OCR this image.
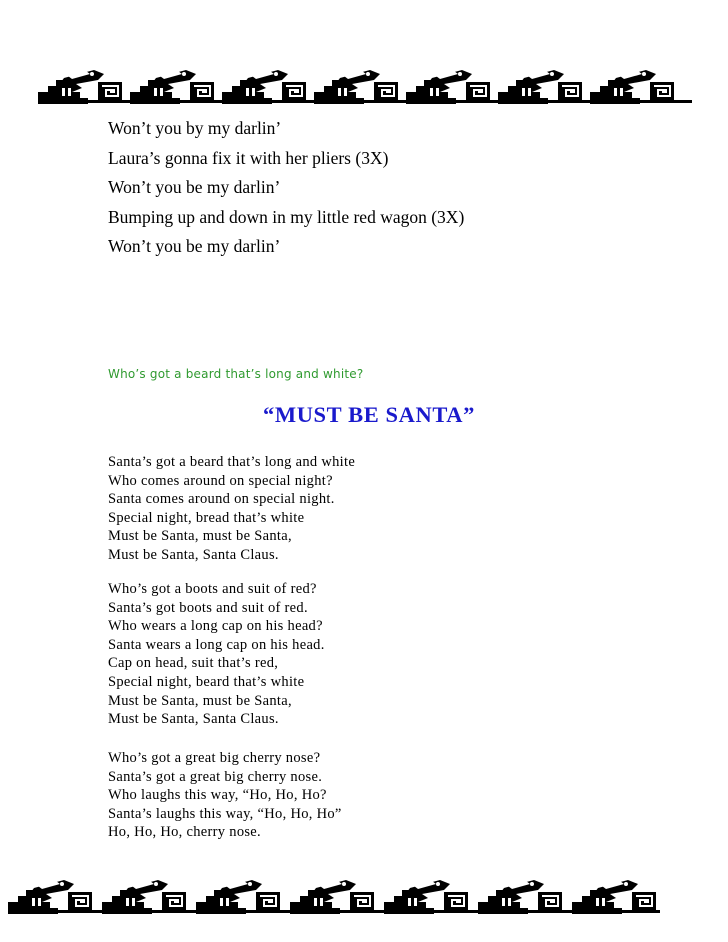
Won’t you by my darlin’
Laura’s gonna fix it with her pliers (3X)
Won’t you be my darlin’
Bumping up and down in my little red wagon (3X)
Won’t you be my darlin’
Who’s got a beard that’s long and white?
“MUST BE SANTA”
Santa’s got a beard that’s long and white
Who comes around on special night?
Santa comes around on special night.
Special night, bread that’s white
Must be Santa, must be Santa,
Must be Santa, Santa Claus.
Who’s got a boots and suit of red?
Santa’s got boots and suit of red.
Who wears a long cap on his head?
Santa wears a long cap on his head.
Cap on head, suit that’s red,
Special night, beard that’s white
Must be Santa, must be Santa,
Must be Santa, Santa Claus.
Who’s got a great big cherry nose?
Santa’s got a great big cherry nose.
Who laughs this way, “Ho, Ho, Ho?
Santa’s laughs this way, “Ho, Ho, Ho”
Ho, Ho, Ho, cherry nose.
